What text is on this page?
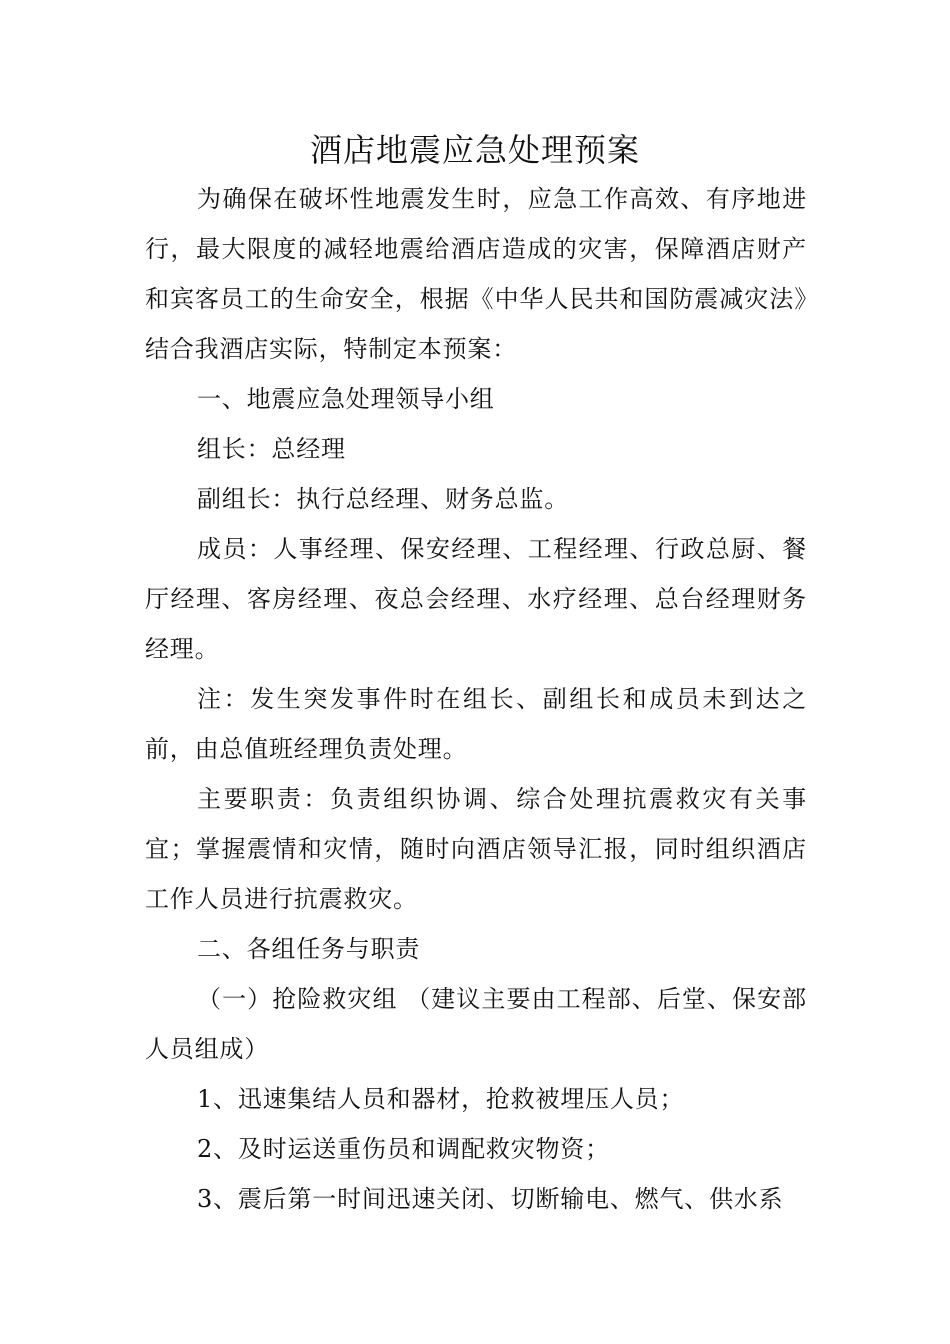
酒店地震应急处理预案

为确保在破坏性地震发生时，应急工作高效、有序地进行，最大限度的减轻地震给酒店造成的灾害，保障酒店财产和宾客员工的生命安全，根据《中华人民共和国防震减灾法》结合我酒店实际，特制定本预案：

一、地震应急处理领导小组

组长：总经理

副组长：执行总经理、财务总监。

成员：人事经理、保安经理、工程经理、行政总厨、餐厅经理、客房经理、夜总会经理、水疗经理、总台经理财务经理。

注：发生突发事件时在组长、副组长和成员未到达之前，由总值班经理负责处理。

主要职责：负责组织协调、综合处理抗震救灾有关事宜；掌握震情和灾情，随时向酒店领导汇报，同时组织酒店工作人员进行抗震救灾。

二、各组任务与职责

（一）抢险救灾组 （建议主要由工程部、后堂、保安部人员组成）

1、迅速集结人员和器材，抢救被埋压人员；

2、及时运送重伤员和调配救灾物资；

3、震后第一时间迅速关闭、切断输电、燃气、供水系
